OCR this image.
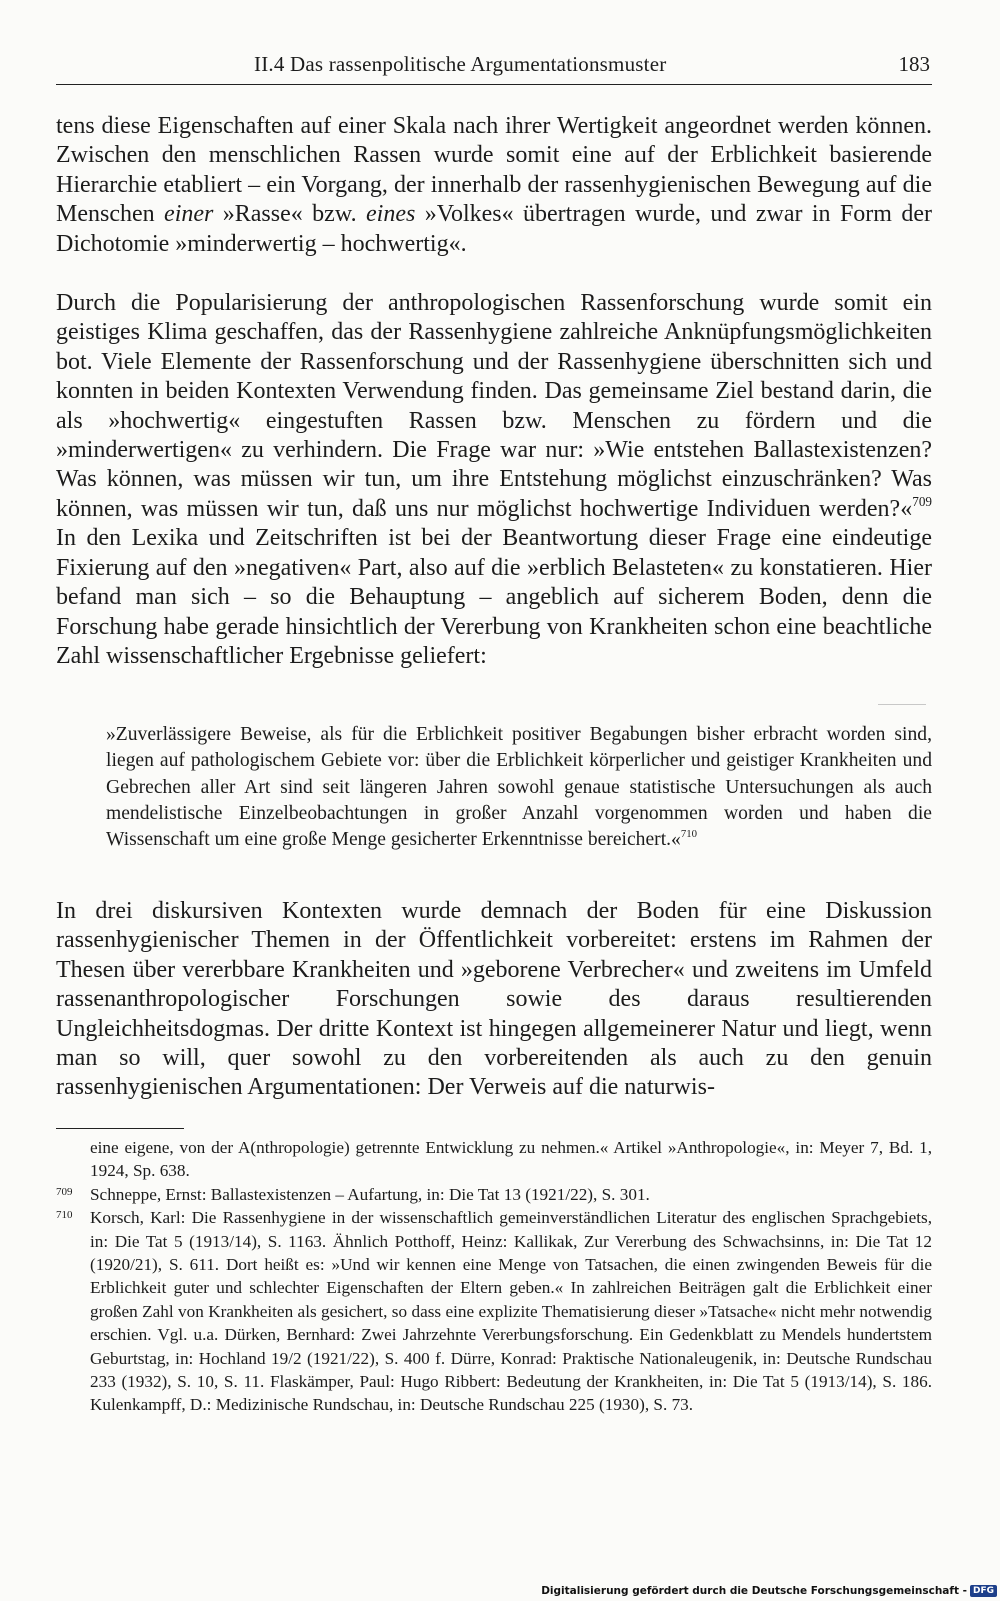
II.4 Das rassenpolitische Argumentationsmuster	183

tens diese Eigenschaften auf einer Skala nach ihrer Wertigkeit angeordnet werden können. Zwischen den menschlichen Rassen wurde somit eine auf der Erblichkeit basierende Hierarchie etabliert – ein Vorgang, der innerhalb der rassenhygienischen Bewegung auf die Menschen einer »Rasse« bzw. eines »Volkes« übertragen wurde, und zwar in Form der Dichotomie »minderwertig – hochwertig«.

Durch die Popularisierung der anthropologischen Rassenforschung wurde somit ein geistiges Klima geschaffen, das der Rassenhygiene zahlreiche Anknüpfungsmöglichkeiten bot. Viele Elemente der Rassenforschung und der Rassenhygiene überschnitten sich und konnten in beiden Kontexten Verwendung finden. Das gemeinsame Ziel bestand darin, die als »hochwertig« eingestuften Rassen bzw. Menschen zu fördern und die »minderwertigen« zu verhindern. Die Frage war nur: »Wie entstehen Ballastexistenzen? Was können, was müssen wir tun, um ihre Entstehung möglichst einzuschränken? Was können, was müssen wir tun, daß uns nur möglichst hochwertige Individuen werden?«$^{709}$ In den Lexika und Zeitschriften ist bei der Beantwortung dieser Frage eine eindeutige Fixierung auf den »negativen« Part, also auf die »erblich Belasteten« zu konstatieren. Hier befand man sich – so die Behauptung – angeblich auf sicherem Boden, denn die Forschung habe gerade hinsichtlich der Vererbung von Krankheiten schon eine beachtliche Zahl wissenschaftlicher Ergebnisse geliefert:

»Zuverlässigere Beweise, als für die Erblichkeit positiver Begabungen bisher erbracht worden sind, liegen auf pathologischem Gebiete vor: über die Erblichkeit körperlicher und geistiger Krankheiten und Gebrechen aller Art sind seit längeren Jahren sowohl genaue statistische Untersuchungen als auch mendelistische Einzelbeobachtungen in großer Anzahl vorgenommen worden und haben die Wissenschaft um eine große Menge gesicherter Erkenntnisse bereichert.«$^{710}$

In drei diskursiven Kontexten wurde demnach der Boden für eine Diskussion rassenhygienischer Themen in der Öffentlichkeit vorbereitet: erstens im Rahmen der Thesen über vererbbare Krankheiten und »geborene Verbrecher« und zweitens im Umfeld rassenanthropologischer Forschungen sowie des daraus resultierenden Ungleichheitsdogmas. Der dritte Kontext ist hingegen allgemeinerer Natur und liegt, wenn man so will, quer sowohl zu den vorbereitenden als auch zu den genuin rassenhygienischen Argumentationen: Der Verweis auf die naturwis-

eine eigene, von der A(nthropologie) getrennte Entwicklung zu nehmen.« Artikel »Anthropologie«, in: Meyer 7, Bd. 1, 1924, Sp. 638.
709 Schneppe, Ernst: Ballastexistenzen – Aufartung, in: Die Tat 13 (1921/22), S. 301.
710 Korsch, Karl: Die Rassenhygiene in der wissenschaftlich gemeinverständlichen Literatur des englischen Sprachgebiets, in: Die Tat 5 (1913/14), S. 1163. Ähnlich Potthoff, Heinz: Kallikak, Zur Vererbung des Schwachsinns, in: Die Tat 12 (1920/21), S. 611. Dort heißt es: »Und wir kennen eine Menge von Tatsachen, die einen zwingenden Beweis für die Erblichkeit guter und schlechter Eigenschaften der Eltern geben.« In zahlreichen Beiträgen galt die Erblichkeit einer großen Zahl von Krankheiten als gesichert, so dass eine explizite Thematisierung dieser »Tatsache« nicht mehr notwendig erschien. Vgl. u.a. Dürken, Bernhard: Zwei Jahrzehnte Vererbungsforschung. Ein Gedenkblatt zu Mendels hundertstem Geburtstag, in: Hochland 19/2 (1921/22), S. 400 f. Dürre, Konrad: Praktische Nationaleugenik, in: Deutsche Rundschau 233 (1932), S. 10, S. 11. Flaskämper, Paul: Hugo Ribbert: Bedeutung der Krankheiten, in: Die Tat 5 (1913/14), S. 186. Kulenkampff, D.: Medizinische Rundschau, in: Deutsche Rundschau 225 (1930), S. 73.
Digitalisierung gefördert durch die Deutsche Forschungsgemeinschaft - DFG
